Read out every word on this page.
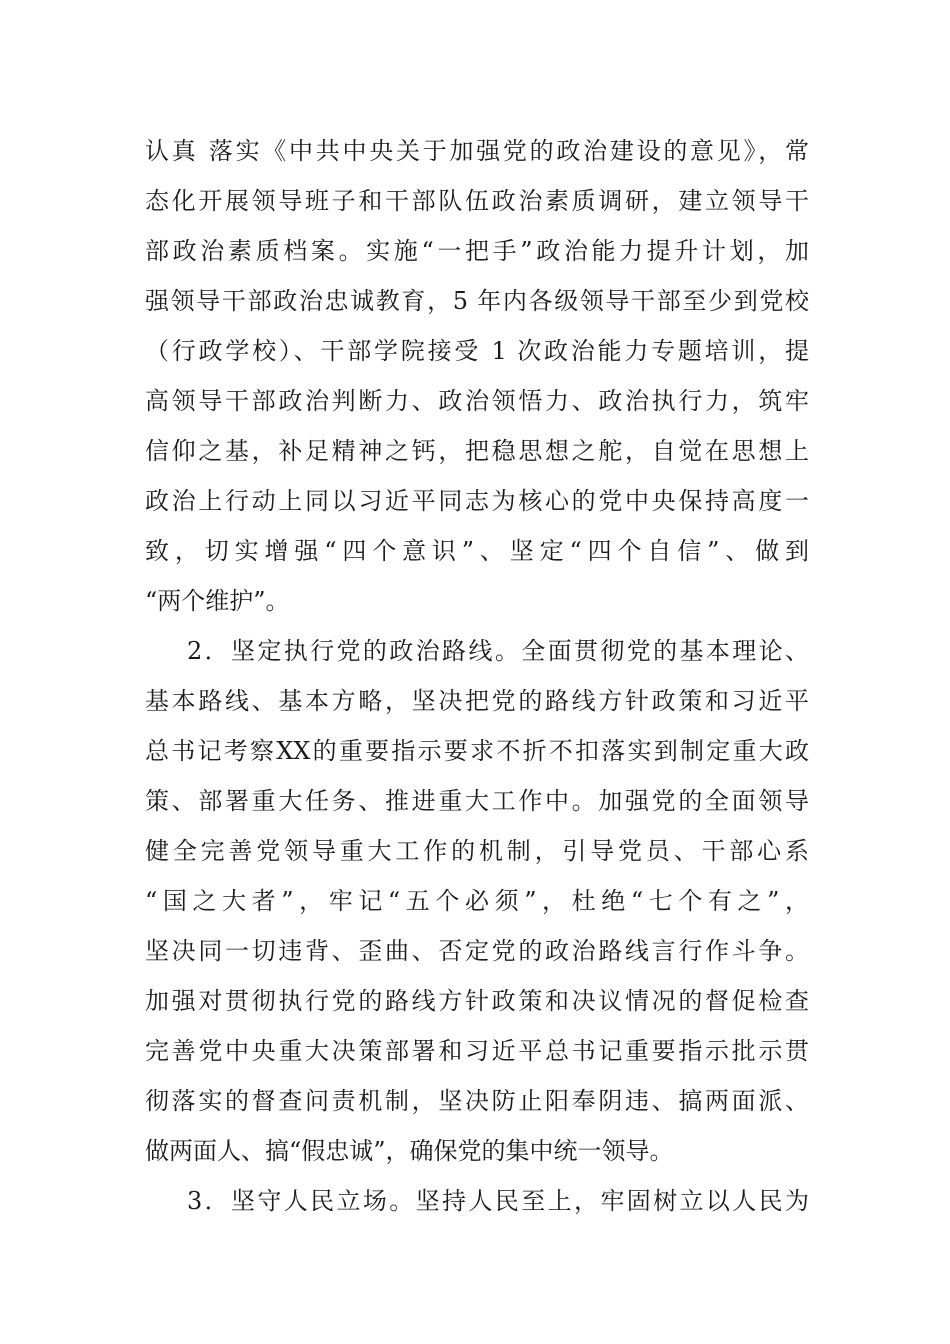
认真 落实《中共中央关于加强党的政治建设的意见》，常
态化开展领导班子和干部队伍政治素质调研，建立领导干
部政治素质档案。实施“一把手”政治能力提升计划，加
强领导干部政治忠诚教育，5 年内各级领导干部至少到党校
（行政学校）、干部学院接受 1 次政治能力专题培训，提
高领导干部政治判断力、政治领悟力、政治执行力，筑牢
信仰之基，补足精神之钙，把稳思想之舵，自觉在思想上
政治上行动上同以习近平同志为核心的党中央保持高度一
致，切实增强“四个意识”、坚定“四个自信”、做到
“两个维护”。
2．坚定执行党的政治路线。全面贯彻党的基本理论、
基本路线、基本方略，坚决把党的路线方针政策和习近平
总书记考察XX的重要指示要求不折不扣落实到制定重大政
策、部署重大任务、推进重大工作中。加强党的全面领导
健全完善党领导重大工作的机制，引导党员、干部心系
“国之大者”，牢记“五个必须”，杜绝“七个有之”，
坚决同一切违背、歪曲、否定党的政治路线言行作斗争。
加强对贯彻执行党的路线方针政策和决议情况的督促检查
完善党中央重大决策部署和习近平总书记重要指示批示贯
彻落实的督查问责机制，坚决防止阳奉阴违、搞两面派、
做两面人、搞“假忠诚”，确保党的集中统一领导。
3．坚守人民立场。坚持人民至上，牢固树立以人民为
